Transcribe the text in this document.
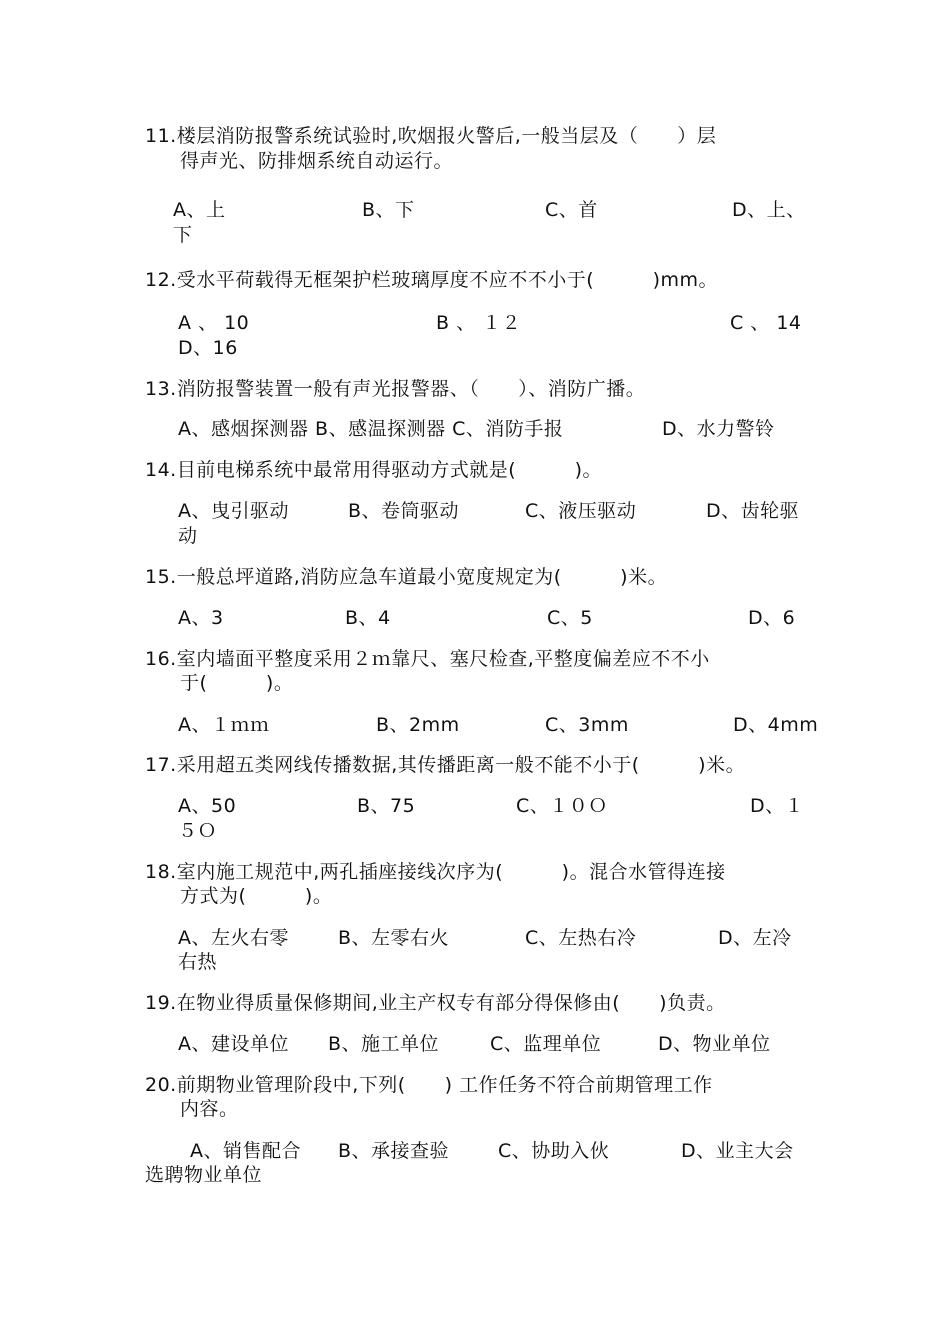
11.楼层消防报警系统试验时,吹烟报火警后,一般当层及（　　）层
得声光、防排烟系统自动运行。
A、上	B、下	C、首	D、上、
下
12.受水平荷载得无框架护栏玻璃厚度不应不不小于(　　　)mm。
A 、 10	B 、 １２	C 、 14
D、16
13.消防报警装置一般有声光报警器、（　　）、消防广播。
A、感烟探测器 B、感温探测器 C、消防手报	D、水力警铃
14.目前电梯系统中最常用得驱动方式就是(　　　)。
A、曳引驱动	B、卷筒驱动	C、液压驱动	D、齿轮驱
动
15.一般总坪道路,消防应急车道最小宽度规定为(　　　)米。
A、3	B、4	C、5	D、6
16.室内墙面平整度采用２ｍ靠尺、塞尺检查,平整度偏差应不不小
于(　　　)。
A、１ｍｍ	B、2mm	C、3mm	D、4mm
17.采用超五类网线传播数据,其传播距离一般不能不小于(　　　)米。
A、50	B、75	C、１０Ｏ	D、１
５Ｏ
18.室内施工规范中,两孔插座接线次序为(　　　)。混合水管得连接
方式为(　　　)。
A、左火右零	B、左零右火	C、左热右冷	D、左冷
右热
19.在物业得质量保修期间,业主产权专有部分得保修由(　　)负责。
A、建设单位 B、施工单位	C、监理单位	D、物业单位
20.前期物业管理阶段中,下列(　　) 工作任务不符合前期管理工作
内容。
A、销售配合 B、承接查验	C、协助入伙	D、业主大会
选聘物业单位
